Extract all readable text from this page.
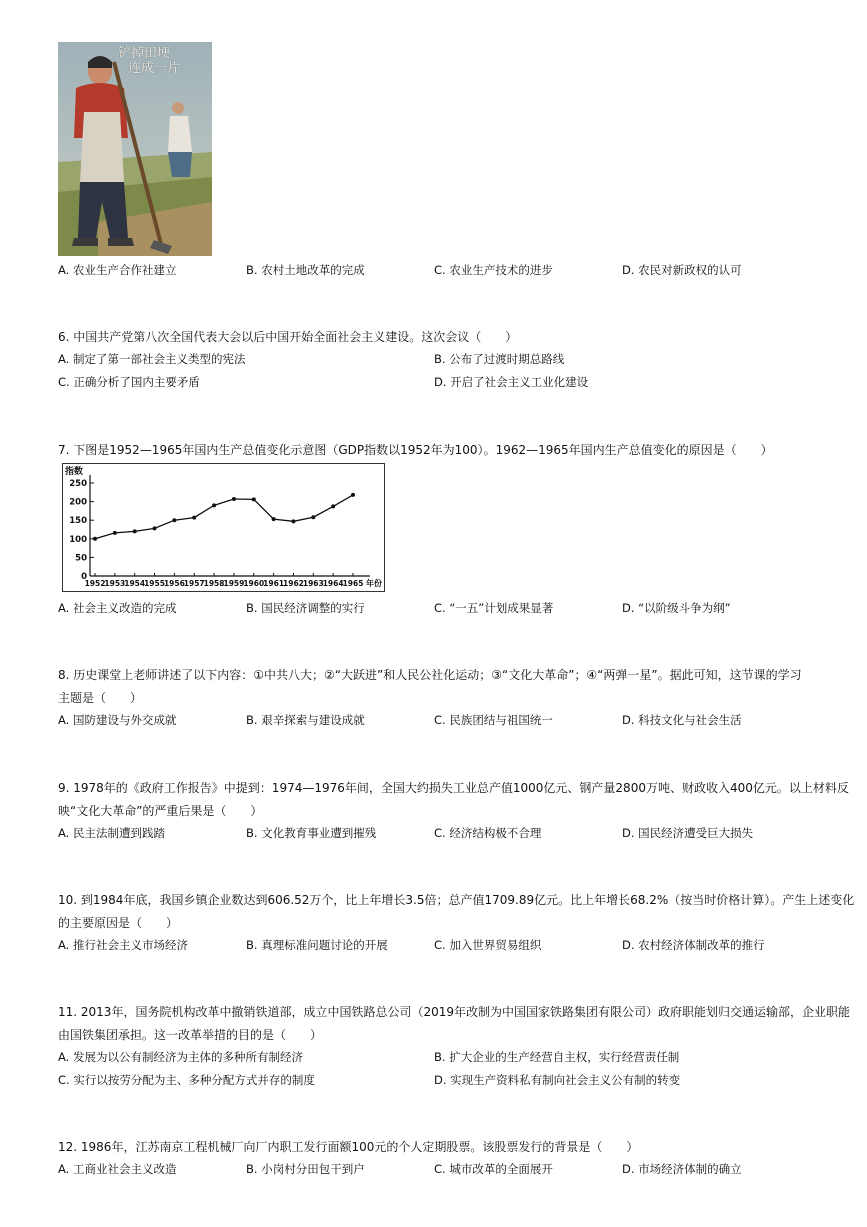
铲掉田埂
连成一片
A. 农业生产合作社建立	B. 农村土地改革的完成	C. 农业生产技术的进步	D. 农民对新政权的认可
6. 中国共产党第八次全国代表大会以后中国开始全面社会主义建设。这次会议（　　）
A. 制定了第一部社会主义类型的宪法	B. 公布了过渡时期总路线
C. 正确分析了国内主要矛盾	D. 开启了社会主义工业化建设
7. 下图是1952—1965年国内生产总值变化示意图（GDP指数以1952年为100）。1962—1965年国内生产总值变化的原因是（　　）
0
50
100
150
200
250
指数
1952
1953
1954
1955
1956
1957
1958
1959
1960
1961
1962
1963
1964
1965 年份
A. 社会主义改造的完成	B. 国民经济调整的实行	C. “一五”计划成果显著	D. “以阶级斗争为纲”
8. 历史课堂上老师讲述了以下内容：①中共八大；②“大跃进”和人民公社化运动；③“文化大革命”；④“两弹一星”。据此可知，这节课的学习
主题是（　　）
A. 国防建设与外交成就	B. 艰辛探索与建设成就	C. 民族团结与祖国统一	D. 科技文化与社会生活
9. 1978年的《政府工作报告》中提到：1974—1976年间，全国大约损失工业总产值1000亿元、钢产量2800万吨、财政收入400亿元。以上材料反
映“文化大革命”的严重后果是（　　）
A. 民主法制遭到践踏	B. 文化教育事业遭到摧残	C. 经济结构极不合理	D. 国民经济遭受巨大损失
10. 到1984年底，我国乡镇企业数达到606.52万个，比上年增长3.5倍；总产值1709.89亿元。比上年增长68.2%（按当时价格计算）。产生上述变化
的主要原因是（　　）
A. 推行社会主义市场经济	B. 真理标准问题讨论的开展	C. 加入世界贸易组织	D. 农村经济体制改革的推行
11. 2013年，国务院机构改革中撤销铁道部，成立中国铁路总公司（2019年改制为中国国家铁路集团有限公司）政府职能划归交通运输部，企业职能
由国铁集团承担。这一改革举措的目的是（　　）
A. 发展为以公有制经济为主体的多种所有制经济	B. 扩大企业的生产经营自主权，实行经营责任制
C. 实行以按劳分配为主、多种分配方式并存的制度	D. 实现生产资料私有制向社会主义公有制的转变
12. 1986年，江苏南京工程机械厂向厂内职工发行面额100元的个人定期股票。该股票发行的背景是（　　）
A. 工商业社会主义改造	B. 小岗村分田包干到户	C. 城市改革的全面展开	D. 市场经济体制的确立
